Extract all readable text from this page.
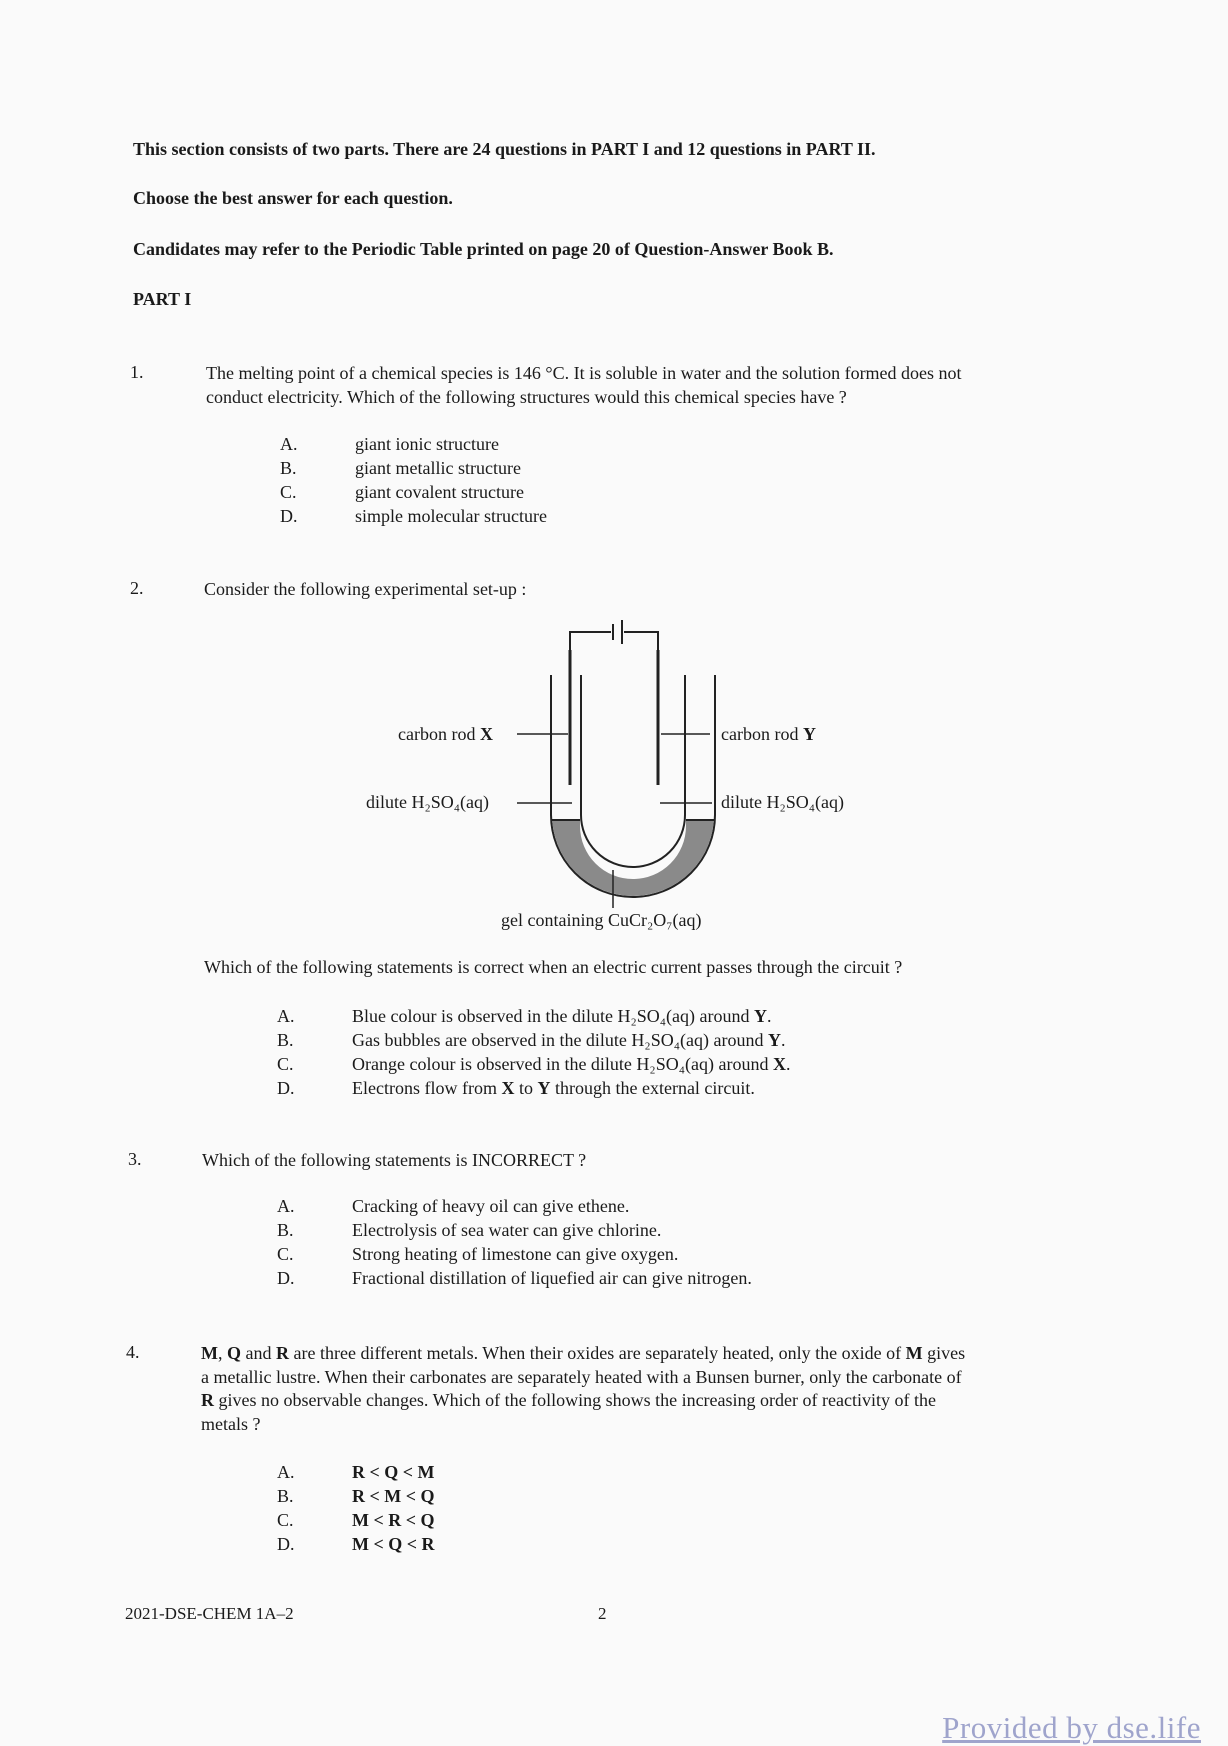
This section consists of two parts. There are 24 questions in PART I and 12 questions in PART II.
Choose the best answer for each question.
Candidates may refer to the Periodic Table printed on page 20 of Question-Answer Book B.
PART I
1.	The melting point of a chemical species is 146 °C. It is soluble in water and the solution formed does not

conduct electricity. Which of the following structures would this chemical species have ?

A.	giant ionic structure
B.	giant metallic structure
C.	giant covalent structure
D.	simple molecular structure
2.	Consider the following experimental set-up :
carbon rod X	carbon rod Y
dilute H₂SO₄(aq)	dilute H₂SO₄(aq)
gel containing CuCr₂O₇(aq)
Which of the following statements is correct when an electric current passes through the circuit ?
A.	Blue colour is observed in the dilute H₂SO₄(aq) around Y.
B.	Gas bubbles are observed in the dilute H₂SO₄(aq) around Y.
C.	Orange colour is observed in the dilute H₂SO₄(aq) around X.
D.	Electrons flow from X to Y through the external circuit.
3.	Which of the following statements is INCORRECT ?
A.	Cracking of heavy oil can give ethene.
B.	Electrolysis of sea water can give chlorine.
C.	Strong heating of limestone can give oxygen.
D.	Fractional distillation of liquefied air can give nitrogen.
4.	M, Q and R are three different metals. When their oxides are separately heated, only the oxide of M gives

a metallic lustre. When their carbonates are separately heated with a Bunsen burner, only the carbonate of

R gives no observable changes. Which of the following shows the increasing order of reactivity of the

metals ?

A.	R < Q < M
B.	R < M < Q
C.	M < R < Q
D.	M < Q < R
2021-DSE-CHEM 1A–2	2
Provided by dse.life
